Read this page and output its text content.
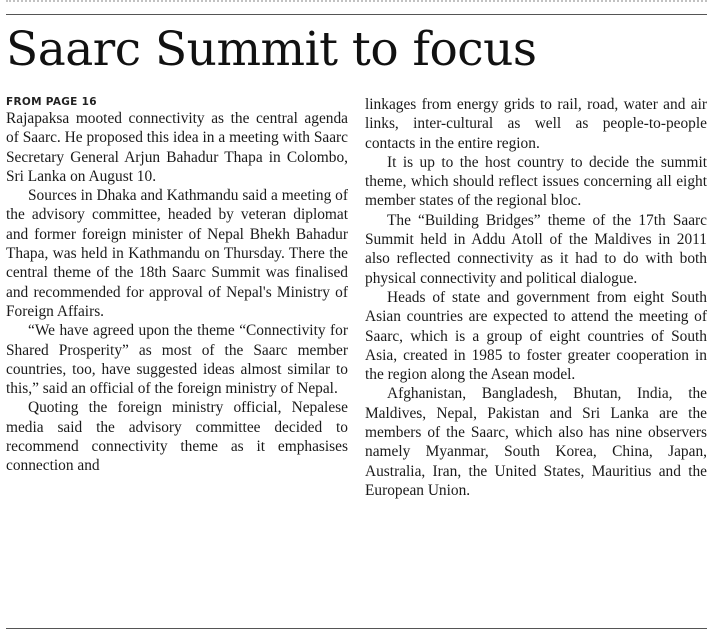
Saarc Summit to focus

FROM PAGE 16

Rajapaksa mooted connectivity as the central agenda of Saarc. He proposed this idea in a meeting with Saarc Secretary General Arjun Bahadur Thapa in Colombo, Sri Lanka on August 10.

Sources in Dhaka and Kathmandu said a meeting of the advisory committee, headed by veteran diplomat and former foreign minister of Nepal Bhekh Bahadur Thapa, was held in Kathmandu on Thursday. There the central theme of the 18th Saarc Summit was finalised and recommended for approval of Nepal's Ministry of Foreign Affairs.

“We have agreed upon the theme “Connectivity for Shared Prosperity” as most of the Saarc member countries, too, have suggested ideas almost similar to this,” said an official of the foreign ministry of Nepal.

Quoting the foreign ministry official, Nepalese media said the advisory committee decided to recommend connectivity theme as it emphasises connection and

linkages from energy grids to rail, road, water and air links, inter-cultural as well as people-to-people contacts in the entire region.

It is up to the host country to decide the summit theme, which should reflect issues concerning all eight member states of the regional bloc.

The “Building Bridges” theme of the 17th Saarc Summit held in Addu Atoll of the Maldives in 2011 also reflected connectivity as it had to do with both physical connectivity and political dialogue.

Heads of state and government from eight South Asian countries are expected to attend the meeting of Saarc, which is a group of eight countries of South Asia, created in 1985 to foster greater cooperation in the region along the Asean model.

Afghanistan, Bangladesh, Bhutan, India, the Maldives, Nepal, Pakistan and Sri Lanka are the members of the Saarc, which also has nine observers namely Myanmar, South Korea, China, Japan, Australia, Iran, the United States, Mauritius and the European Union.
